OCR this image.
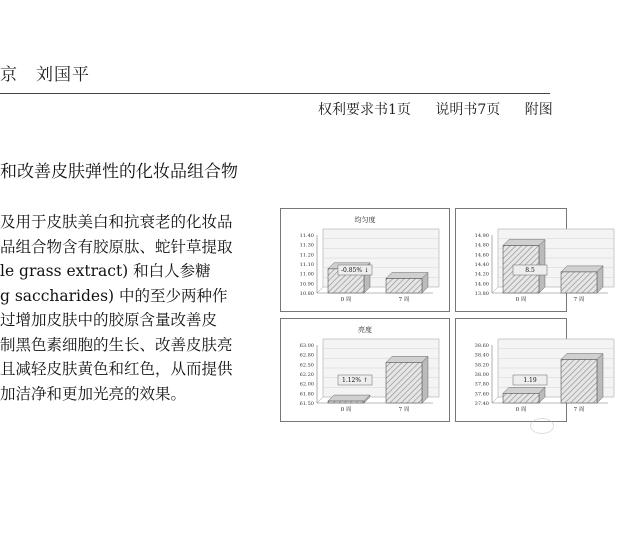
京　刘国平
权利要求书1页 说明书7页 附图
和改善皮肤弹性的化妆品组合物
及用于皮肤美白和抗衰老的化妆品
品组合物含有胶原肽、蛇针草提取
le grass extract) 和白人参糖
g saccharides) 中的至少两种作
过增加皮肤中的胶原含量改善皮
制黑色素细胞的生长、改善皮肤亮
且减轻皮肤黄色和红色，从而提供
加洁净和更加光亮的效果。
均匀度
11.40
11.30
11.20
11.10
11.00
10.90
10.80
0 周	7 周
-0.85% ↓
14.90
14.80
14.60
14.40
14.20
14.00
13.80
0 周	7 周
8.5
亮度
63.00
62.80
62.50
62.20
62.00
61.80
61.50
0 周	7 周
1.12% ↑
38.60
38.40
38.20
38.00
37.80
37.60
37.40
0 周	7 周
1.19
